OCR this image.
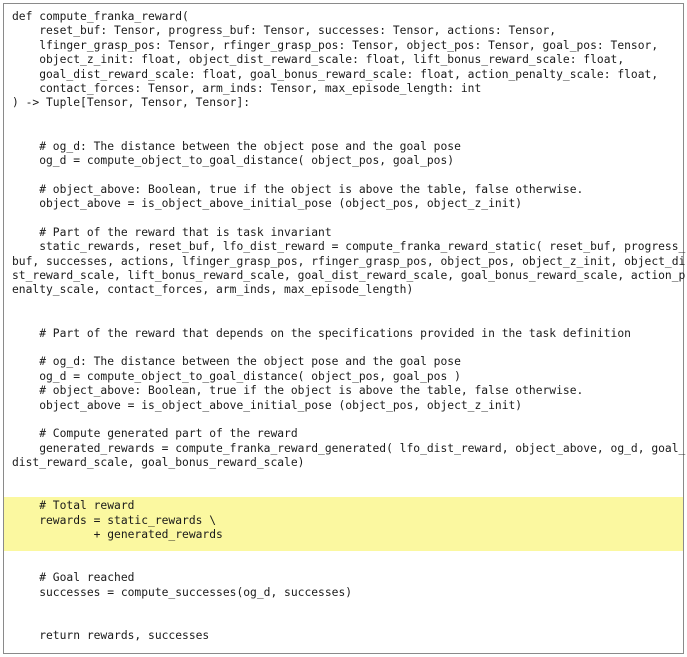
def compute_franka_reward(
reset_buf: Tensor, progress_buf: Tensor, successes: Tensor, actions: Tensor,
lfinger_grasp_pos: Tensor, rfinger_grasp_pos: Tensor, object_pos: Tensor, goal_pos: Tensor,
object_z_init: float, object_dist_reward_scale: float, lift_bonus_reward_scale: float,
goal_dist_reward_scale: float, goal_bonus_reward_scale: float, action_penalty_scale: float,
contact_forces: Tensor, arm_inds: Tensor, max_episode_length: int
) -> Tuple[Tensor, Tensor, Tensor]:
# og_d: The distance between the object pose and the goal pose
og_d = compute_object_to_goal_distance( object_pos, goal_pos)
# object_above: Boolean, true if the object is above the table, false otherwise.
object_above = is_object_above_initial_pose (object_pos, object_z_init)
# Part of the reward that is task invariant
static_rewards, reset_buf, lfo_dist_reward = compute_franka_reward_static( reset_buf, progress_
buf, successes, actions, lfinger_grasp_pos, rfinger_grasp_pos, object_pos, object_z_init, object_di
st_reward_scale, lift_bonus_reward_scale, goal_dist_reward_scale, goal_bonus_reward_scale, action_p
enalty_scale, contact_forces, arm_inds, max_episode_length)
# Part of the reward that depends on the specifications provided in the task definition
# og_d: The distance between the object pose and the goal pose
og_d = compute_object_to_goal_distance( object_pos, goal_pos )
# object_above: Boolean, true if the object is above the table, false otherwise.
object_above = is_object_above_initial_pose (object_pos, object_z_init)
# Compute generated part of the reward
generated_rewards = compute_franka_reward_generated( lfo_dist_reward, object_above, og_d, goal_
dist_reward_scale, goal_bonus_reward_scale)
# Total reward
rewards = static_rewards \
+ generated_rewards
# Goal reached
successes = compute_successes(og_d, successes)
return rewards, successes
